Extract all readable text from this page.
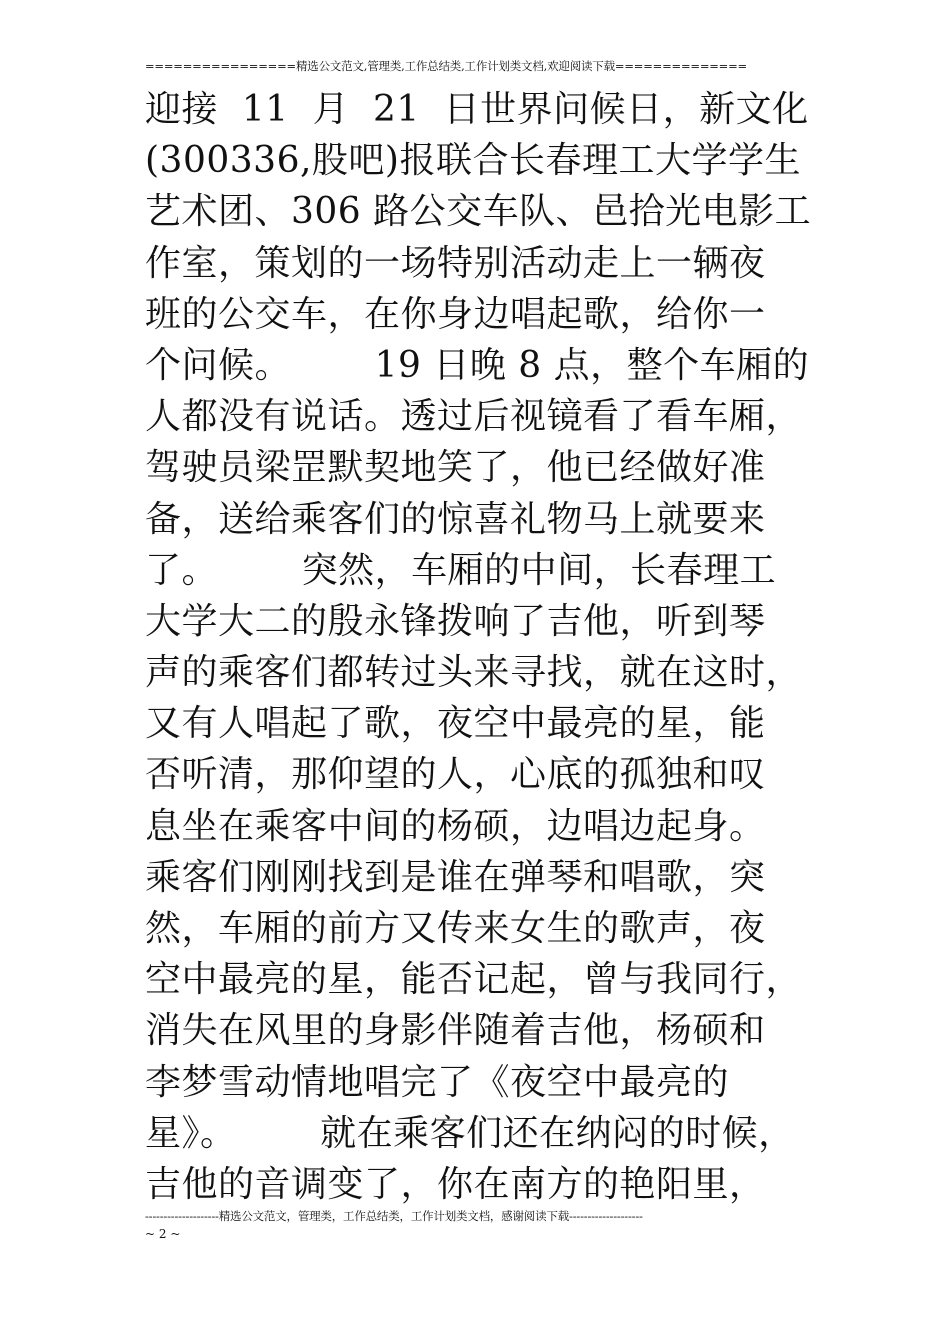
================精选公文范文,管理类,工作总结类,工作计划类文档,欢迎阅读下载==============
迎接  11  月  21  日世界问候日，新文化
(300336,股吧)报联合长春理工大学学生
艺术团、306 路公交车队、邑拾光电影工
作室，策划的一场特别活动走上一辆夜
班的公交车，在你身边唱起歌，给你一
个问候。       19 日晚 8 点，整个车厢的
人都没有说话。透过后视镜看了看车厢，
驾驶员梁罡默契地笑了，他已经做好准
备，送给乘客们的惊喜礼物马上就要来
了。       突然，车厢的中间，长春理工
大学大二的殷永锋拨响了吉他，听到琴
声的乘客们都转过头来寻找，就在这时，
又有人唱起了歌，夜空中最亮的星，能
否听清，那仰望的人，心底的孤独和叹
息坐在乘客中间的杨硕，边唱边起身。
乘客们刚刚找到是谁在弹琴和唱歌，突
然，车厢的前方又传来女生的歌声，夜
空中最亮的星，能否记起，曾与我同行，
消失在风里的身影伴随着吉他，杨硕和
李梦雪动情地唱完了《夜空中最亮的
星》。       就在乘客们还在纳闷的时候，
吉他的音调变了，你在南方的艳阳里，
--------------------精选公文范文，管理类，工作总结类，工作计划类文档，感谢阅读下载--------------------
~ 2 ~
